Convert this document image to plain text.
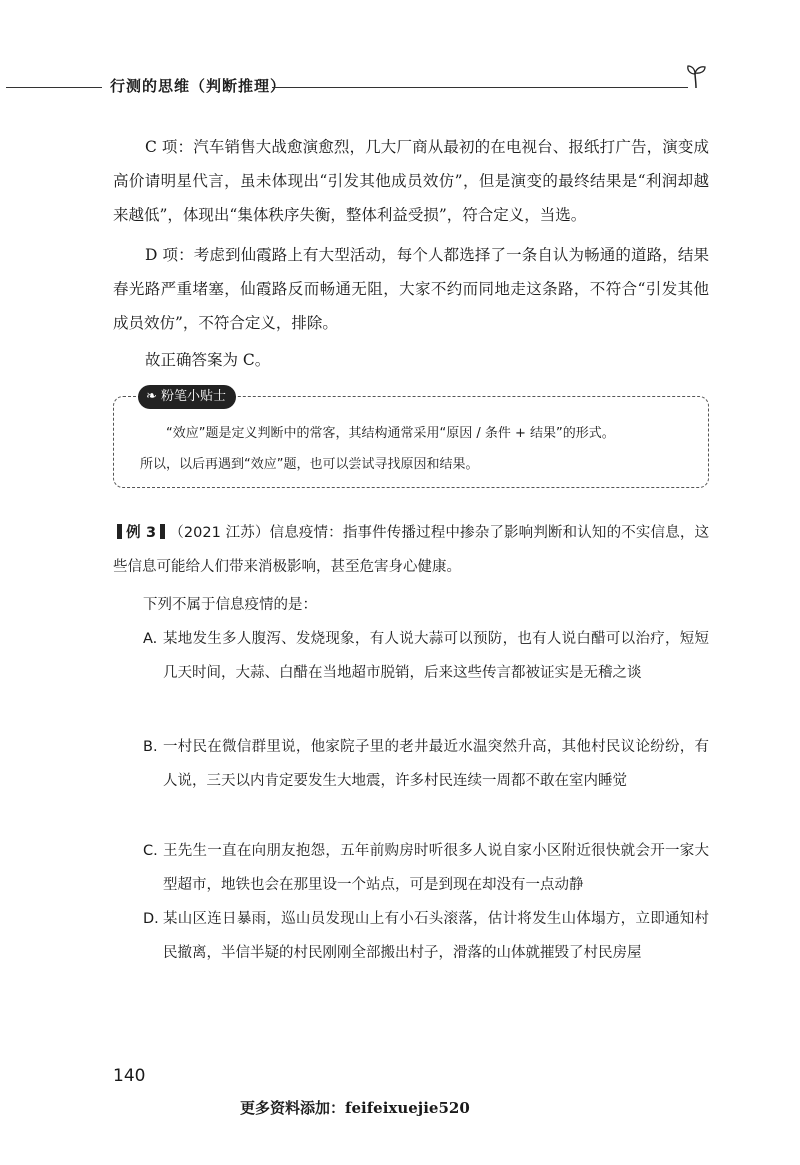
行测的思维（判断推理）
C 项：汽车销售大战愈演愈烈，几大厂商从最初的在电视台、报纸打广告，演变成高价请明星代言，虽未体现出“引发其他成员效仿”，但是演变的最终结果是“利润却越来越低”，体现出“集体秩序失衡，整体利益受损”，符合定义，当选。
D 项：考虑到仙霞路上有大型活动，每个人都选择了一条自认为畅通的道路，结果春光路严重堵塞，仙霞路反而畅通无阻，大家不约而同地走这条路，不符合“引发其他成员效仿”，不符合定义，排除。
故正确答案为 C。
❧ 粉笔小贴士
“效应”题是定义判断中的常客，其结构通常采用“原因 / 条件 + 结果”的形式。
所以，以后再遇到“效应”题，也可以尝试寻找原因和结果。
例 3 （2021 江苏）信息疫情：指事件传播过程中掺杂了影响判断和认知的不实信息，这些信息可能给人们带来消极影响，甚至危害身心健康。
下列不属于信息疫情的是：
A. 某地发生多人腹泻、发烧现象，有人说大蒜可以预防，也有人说白醋可以治疗，短短几天时间，大蒜、白醋在当地超市脱销，后来这些传言都被证实是无稽之谈
B. 一村民在微信群里说，他家院子里的老井最近水温突然升高，其他村民议论纷纷，有人说，三天以内肯定要发生大地震，许多村民连续一周都不敢在室内睡觉
C. 王先生一直在向朋友抱怨，五年前购房时听很多人说自家小区附近很快就会开一家大型超市，地铁也会在那里设一个站点，可是到现在却没有一点动静
D. 某山区连日暴雨，巡山员发现山上有小石头滚落，估计将发生山体塌方，立即通知村民撤离，半信半疑的村民刚刚全部搬出村子，滑落的山体就摧毁了村民房屋
140
更多资料添加：feifeixuejie520
